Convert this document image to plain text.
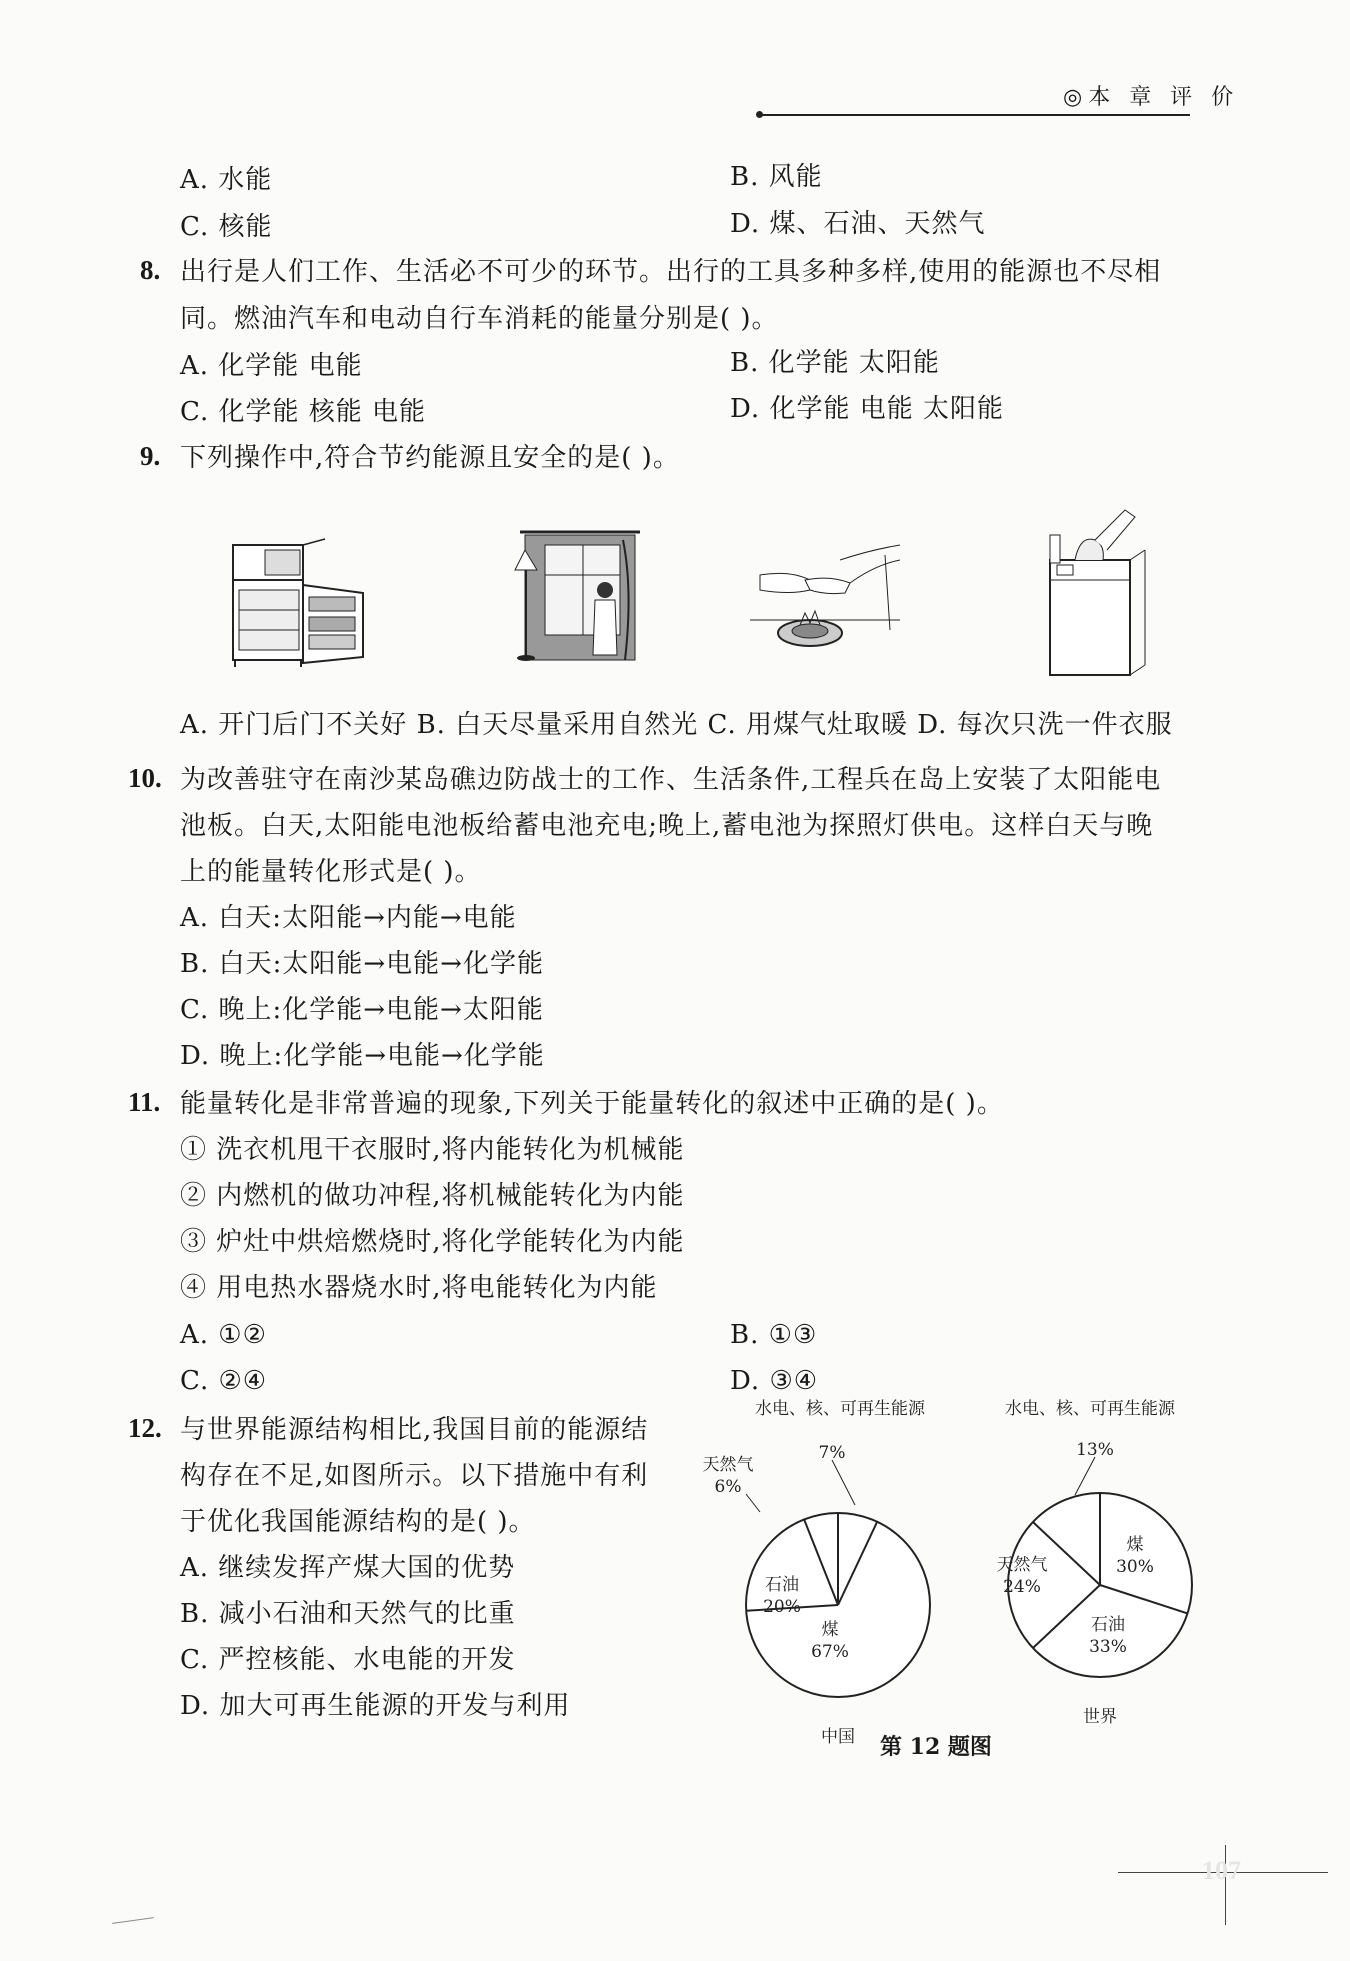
◎本 章 评 价
A. 水能	B. 风能
C. 核能	D. 煤、石油、天然气
8. 出行是人们工作、生活必不可少的环节。出行的工具多种多样,使用的能源也不尽相
同。燃油汽车和电动自行车消耗的能量分别是( )。
A. 化学能 电能	B. 化学能 太阳能
C. 化学能 核能 电能	D. 化学能 电能 太阳能
9. 下列操作中,符合节约能源且安全的是( )。
A. 开门后门不关好 B. 白天尽量采用自然光 C. 用煤气灶取暖 D. 每次只洗一件衣服
10. 为改善驻守在南沙某岛礁边防战士的工作、生活条件,工程兵在岛上安装了太阳能电
池板。白天,太阳能电池板给蓄电池充电;晚上,蓄电池为探照灯供电。这样白天与晚
上的能量转化形式是( )。
A. 白天:太阳能→内能→电能
B. 白天:太阳能→电能→化学能
C. 晚上:化学能→电能→太阳能
D. 晚上:化学能→电能→化学能
11. 能量转化是非常普遍的现象,下列关于能量转化的叙述中正确的是( )。
① 洗衣机甩干衣服时,将内能转化为机械能
② 内燃机的做功冲程,将机械能转化为内能
③ 炉灶中烘焙燃烧时,将化学能转化为内能
④ 用电热水器烧水时,将电能转化为内能
A. ①②	B. ①③
C. ②④	D. ③④
12. 与世界能源结构相比,我国目前的能源结
构存在不足,如图所示。以下措施中有利
于优化我国能源结构的是( )。
A. 继续发挥产煤大国的优势
B. 减小石油和天然气的比重
C. 严控核能、水电能的开发
D. 加大可再生能源的开发与利用
煤
67%
石油
20%
天然气
6%
水电、核、可再生能源
7%
中国
煤
30%
石油
33%
天然气
24%
水电、核、可再生能源
13%
世界
第 12 题图
107
